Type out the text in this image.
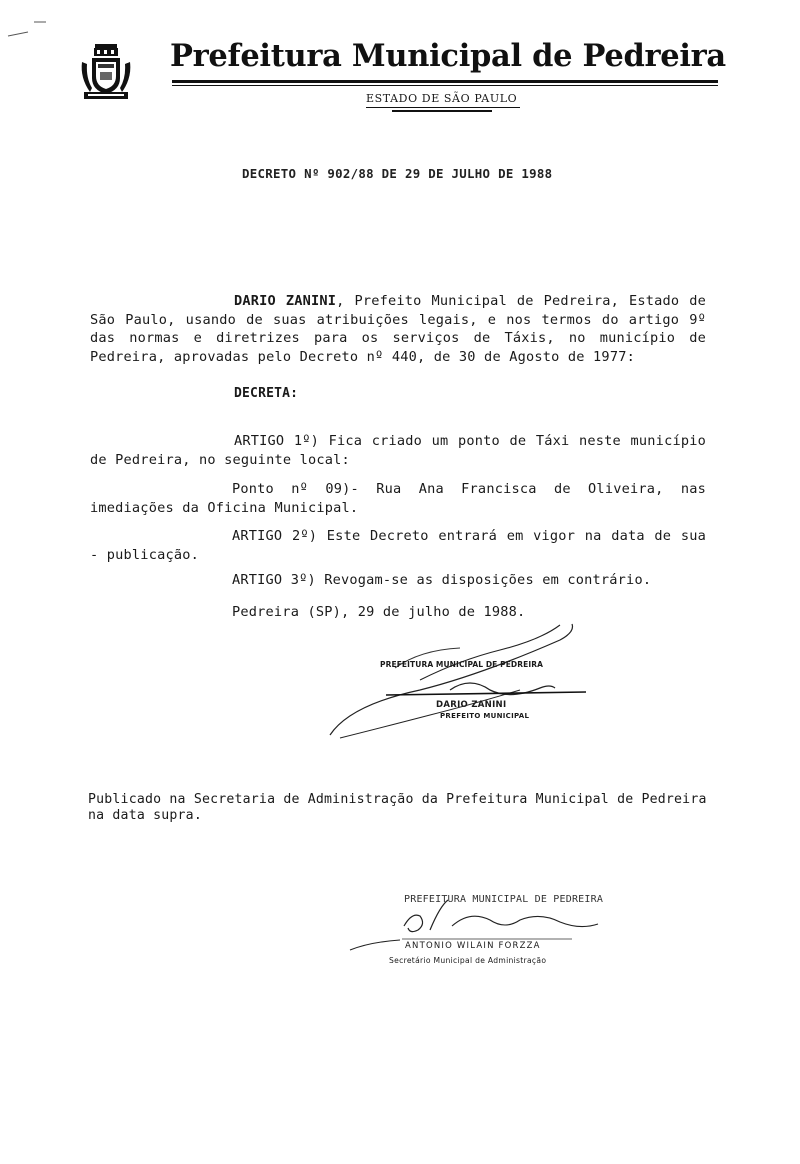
Prefeitura Municipal de Pedreira
ESTADO DE SÃO PAULO
DECRETO Nº 902/88 DE 29 DE JULHO DE 1988
DARIO ZANINI, Prefeito Municipal de Pedreira, Estado de São Paulo, usando de suas atribuições legais, e nos termos do artigo 9º das normas e diretrizes para os serviços de Táxis, no município de Pedreira, aprovadas pelo Decreto nº 440, de 30 de Agosto de 1977:
DECRETA:
ARTIGO 1º) Fica criado um ponto de Táxi neste município de Pedreira, no seguinte local:
Ponto nº 09)- Rua Ana Francisca de Oliveira, nas imediações da Oficina Municipal.
ARTIGO 2º) Este Decreto entrará em vigor na data de sua - publicação.
ARTIGO 3º) Revogam-se as disposições em contrário.
Pedreira (SP), 29 de julho de 1988.
PREFEITURA MUNICIPAL DE PEDREIRA
DARIO ZANINI
PREFEITO MUNICIPAL
Publicado na Secretaria de Administração da Prefeitura Municipal de Pedreira na data supra.
PREFEITURA MUNICIPAL DE PEDREIRA
ANTONIO WILAIN FORZZA
Secretário Municipal de Administração
